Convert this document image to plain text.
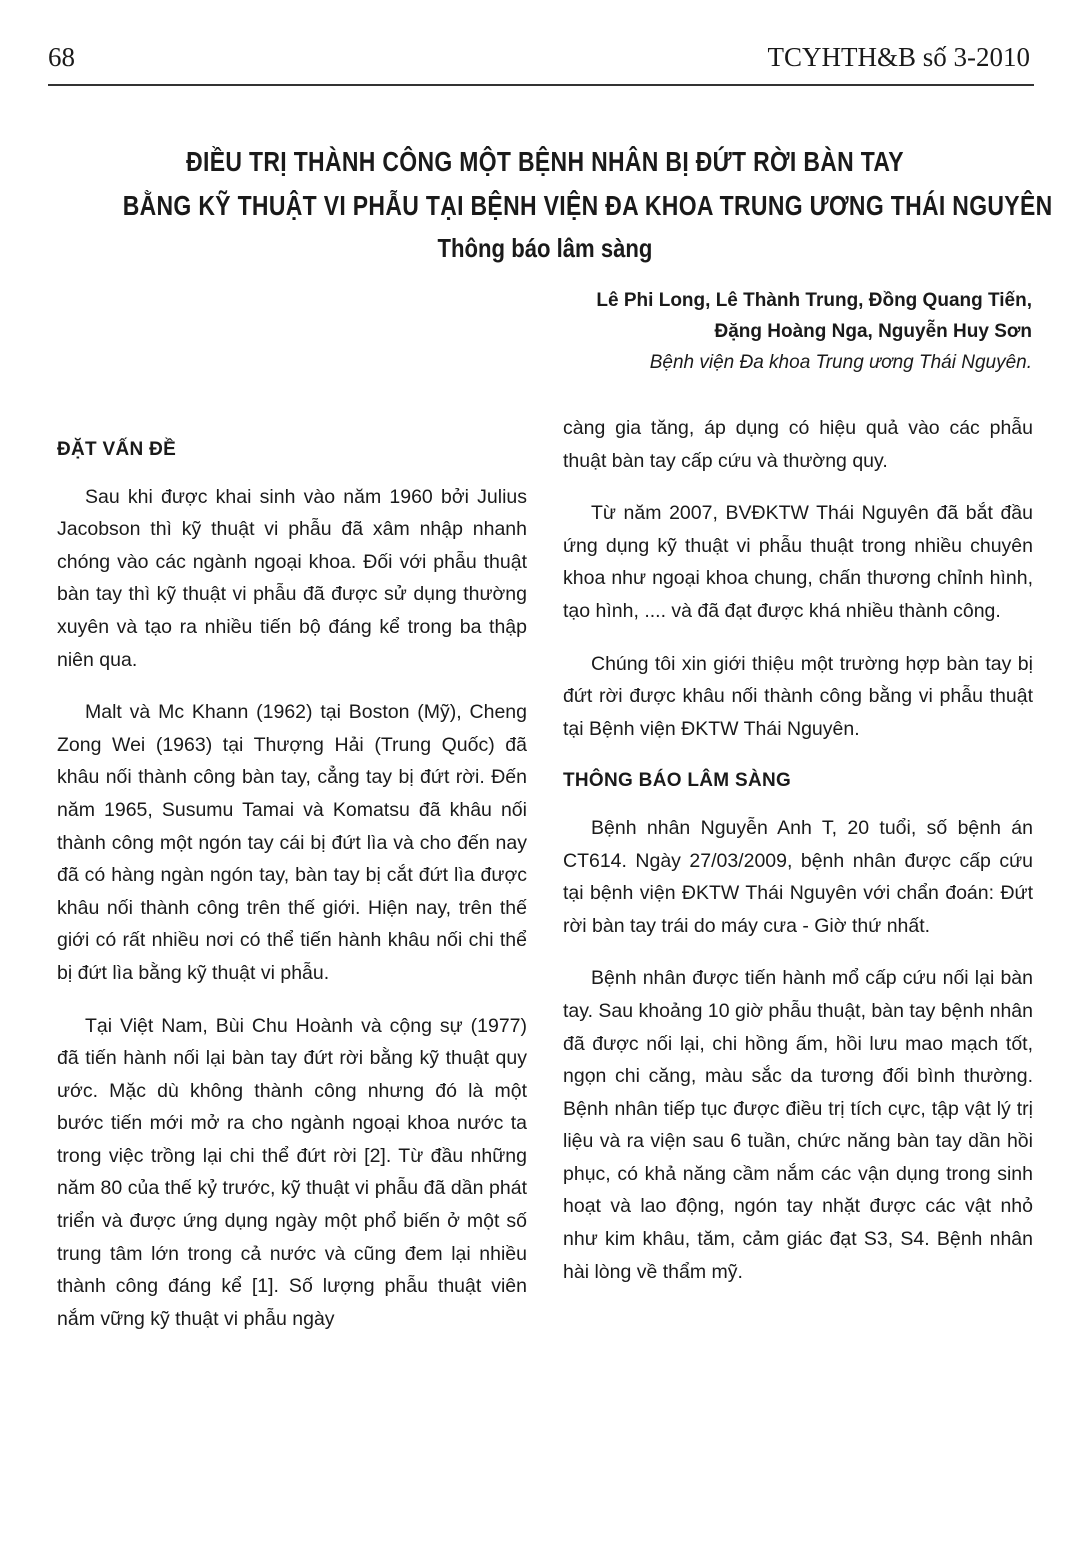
68	TCYHTH&B số 3-2010
ĐIỀU TRỊ THÀNH CÔNG MỘT BỆNH NHÂN BỊ ĐỨT RỜI BÀN TAY
BẰNG KỸ THUẬT VI PHẪU TẠI BỆNH VIỆN ĐA KHOA TRUNG ƯƠNG THÁI NGUYÊN
Thông báo lâm sàng
Lê Phi Long, Lê Thành Trung, Đồng Quang Tiến,
Đặng Hoàng Nga, Nguyễn Huy Sơn
Bệnh viện Đa khoa Trung ương Thái Nguyên.
ĐẶT VẤN ĐỀ

Sau khi được khai sinh vào năm 1960 bởi Julius Jacobson thì kỹ thuật vi phẫu đã xâm nhập nhanh chóng vào các ngành ngoại khoa. Đối với phẫu thuật bàn tay thì kỹ thuật vi phẫu đã được sử dụng thường xuyên và tạo ra nhiều tiến bộ đáng kể trong ba thập niên qua.

Malt và Mc Khann (1962) tại Boston (Mỹ), Cheng Zong Wei (1963) tại Thượng Hải (Trung Quốc) đã khâu nối thành công bàn tay, cẳng tay bị đứt rời. Đến năm 1965, Susumu Tamai và Komatsu đã khâu nối thành công một ngón tay cái bị đứt lìa và cho đến nay đã có hàng ngàn ngón tay, bàn tay bị cắt đứt lìa được khâu nối thành công trên thế giới. Hiện nay, trên thế giới có rất nhiều nơi có thể tiến hành khâu nối chi thể bị đứt lìa bằng kỹ thuật vi phẫu.

Tại Việt Nam, Bùi Chu Hoành và cộng sự (1977) đã tiến hành nối lại bàn tay đứt rời bằng kỹ thuật quy ước. Mặc dù không thành công nhưng đó là một bước tiến mới mở ra cho ngành ngoại khoa nước ta trong việc trồng lại chi thể đứt rời [2]. Từ đầu những năm 80 của thế kỷ trước, kỹ thuật vi phẫu đã dần phát triển và được ứng dụng ngày một phổ biến ở một số trung tâm lớn trong cả nước và cũng đem lại nhiều thành công đáng kể [1]. Số lượng phẫu thuật viên nắm vững kỹ thuật vi phẫu ngày

càng gia tăng, áp dụng có hiệu quả vào các phẫu thuật bàn tay cấp cứu và thường quy.

Từ năm 2007, BVĐKTW Thái Nguyên đã bắt đầu ứng dụng kỹ thuật vi phẫu thuật trong nhiều chuyên khoa như ngoại khoa chung, chấn thương chỉnh hình, tạo hình, .... và đã đạt được khá nhiều thành công.

Chúng tôi xin giới thiệu một trường hợp bàn tay bị đứt rời được khâu nối thành công bằng vi phẫu thuật tại Bệnh viện ĐKTW Thái Nguyên.

THÔNG BÁO LÂM SÀNG

Bệnh nhân Nguyễn Anh T, 20 tuổi, số bệnh án CT614. Ngày 27/03/2009, bệnh nhân được cấp cứu tại bệnh viện ĐKTW Thái Nguyên với chẩn đoán: Đứt rời bàn tay trái do máy cưa - Giờ thứ nhất.

Bệnh nhân được tiến hành mổ cấp cứu nối lại bàn tay. Sau khoảng 10 giờ phẫu thuật, bàn tay bệnh nhân đã được nối lại, chi hồng ấm, hồi lưu mao mạch tốt, ngọn chi căng, màu sắc da tương đối bình thường. Bệnh nhân tiếp tục được điều trị tích cực, tập vật lý trị liệu và ra viện sau 6 tuần, chức năng bàn tay dần hồi phục, có khả năng cầm nắm các vận dụng trong sinh hoạt và lao động, ngón tay nhặt được các vật nhỏ như kim khâu, tăm, cảm giác đạt S3, S4. Bệnh nhân hài lòng về thẩm mỹ.
